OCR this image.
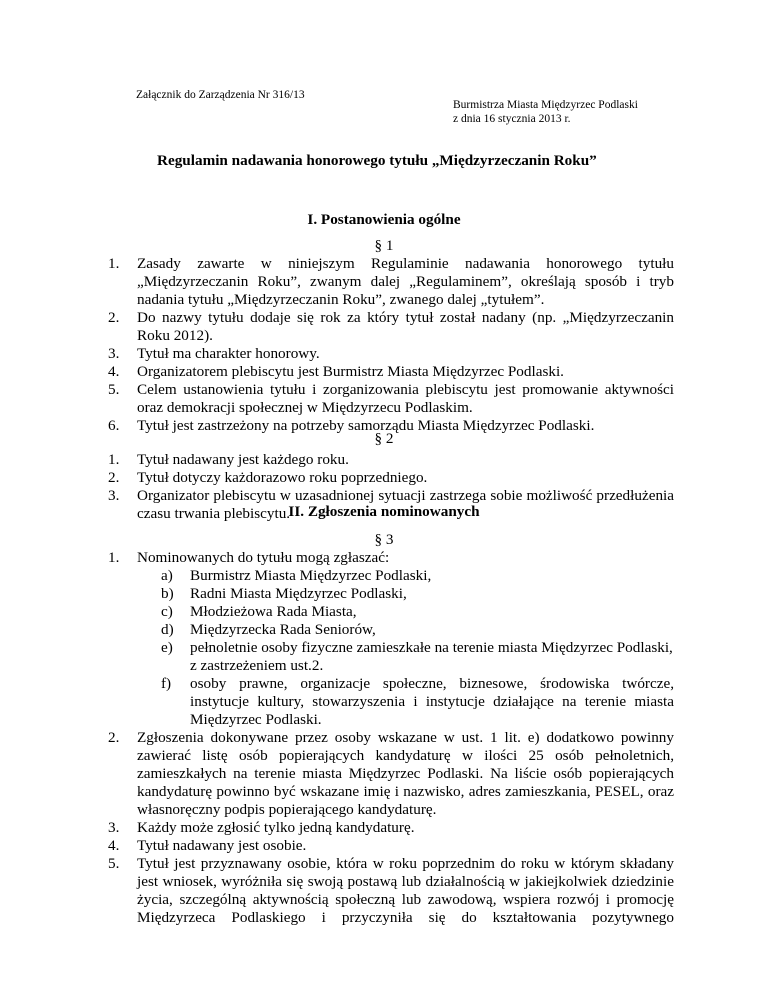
Załącznik do Zarządzenia Nr 316/13
Burmistrza Miasta Międzyrzec Podlaski
z dnia 16 stycznia 2013 r.
Regulamin nadawania honorowego tytułu „Międzyrzeczanin Roku”
I. Postanowienia ogólne
§ 1
1. Zasady zawarte w niniejszym Regulaminie nadawania honorowego tytułu „Międzyrzeczanin Roku”, zwanym dalej „Regulaminem”, określają sposób i tryb nadania tytułu „Międzyrzeczanin Roku”, zwanego dalej „tytułem”.
2. Do nazwy tytułu dodaje się rok za który tytuł został nadany (np. „Międzyrzeczanin Roku 2012).
3. Tytuł ma charakter honorowy.
4. Organizatorem plebiscytu jest Burmistrz Miasta Międzyrzec Podlaski.
5. Celem ustanowienia tytułu i zorganizowania plebiscytu jest promowanie aktywności oraz demokracji społecznej w Międzyrzecu Podlaskim.
6. Tytuł jest zastrzeżony na potrzeby samorządu Miasta Międzyrzec Podlaski.
§ 2
1. Tytuł nadawany jest każdego roku.
2. Tytuł dotyczy każdorazowo roku poprzedniego.
3. Organizator plebiscytu w uzasadnionej sytuacji zastrzega sobie możliwość przedłużenia czasu trwania plebiscytu.
II. Zgłoszenia nominowanych
§ 3
1. Nominowanych do tytułu mogą zgłaszać:
a) Burmistrz Miasta Międzyrzec Podlaski,
b) Radni Miasta Międzyrzec Podlaski,
c) Młodzieżowa Rada Miasta,
d) Międzyrzecka Rada Seniorów,
e) pełnoletnie osoby fizyczne zamieszkałe na terenie miasta Międzyrzec Podlaski, z zastrzeżeniem ust.2.
f) osoby prawne, organizacje społeczne, biznesowe, środowiska twórcze, instytucje kultury, stowarzyszenia i instytucje działające na terenie miasta Międzyrzec Podlaski.
2. Zgłoszenia dokonywane przez osoby wskazane w ust. 1 lit. e) dodatkowo powinny zawierać listę osób popierających kandydaturę w ilości 25 osób pełnoletnich, zamieszkałych na terenie miasta Międzyrzec Podlaski. Na liście osób popierających kandydaturę powinno być wskazane imię i nazwisko, adres zamieszkania, PESEL, oraz własnoręczny podpis popierającego kandydaturę.
3. Każdy może zgłosić tylko jedną kandydaturę.
4. Tytuł nadawany jest osobie.
5. Tytuł jest przyznawany osobie, która w roku poprzednim do roku w którym składany jest wniosek, wyróżniła się swoją postawą lub działalnością w jakiejkolwiek dziedzinie życia, szczególną aktywnością społeczną lub zawodową, wspiera rozwój i promocję Międzyrzeca Podlaskiego i przyczyniła się do kształtowania pozytywnego
